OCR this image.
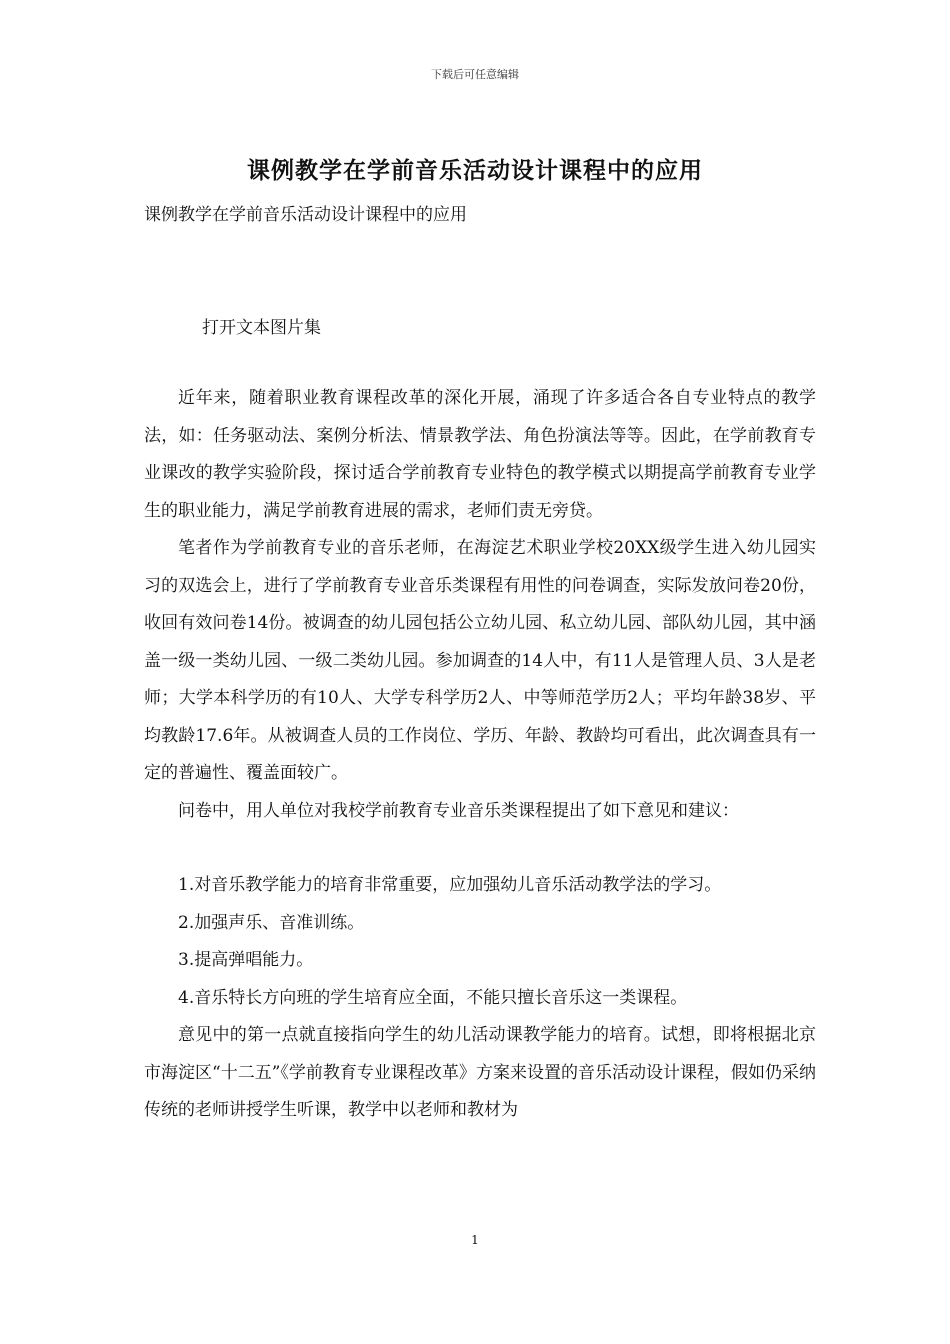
下载后可任意编辑
课例教学在学前音乐活动设计课程中的应用
课例教学在学前音乐活动设计课程中的应用
打开文本图片集

近年来，随着职业教育课程改革的深化开展，涌现了许多适合各自专业特点的教学法，如：任务驱动法、案例分析法、情景教学法、角色扮演法等等。因此，在学前教育专业课改的教学实验阶段，探讨适合学前教育专业特色的教学模式以期提高学前教育专业学生的职业能力，满足学前教育进展的需求，老师们责无旁贷。

笔者作为学前教育专业的音乐老师，在海淀艺术职业学校20XX级学生进入幼儿园实习的双选会上，进行了学前教育专业音乐类课程有用性的问卷调查，实际发放问卷20份，收回有效问卷14份。被调查的幼儿园包括公立幼儿园、私立幼儿园、部队幼儿园，其中涵盖一级一类幼儿园、一级二类幼儿园。参加调查的14人中，有11人是管理人员、3人是老师；大学本科学历的有10人、大学专科学历2人、中等师范学历2人；平均年龄38岁、平均教龄17.6年。从被调查人员的工作岗位、学历、年龄、教龄均可看出，此次调查具有一定的普遍性、覆盖面较广。

问卷中，用人单位对我校学前教育专业音乐类课程提出了如下意见和建议：

1.对音乐教学能力的培育非常重要，应加强幼儿音乐活动教学法的学习。
2.加强声乐、音准训练。
3.提高弹唱能力。
4.音乐特长方向班的学生培育应全面，不能只擅长音乐这一类课程。

意见中的第一点就直接指向学生的幼儿活动课教学能力的培育。试想，即将根据北京市海淀区“十二五”《学前教育专业课程改革》方案来设置的音乐活动设计课程，假如仍采纳传统的老师讲授学生听课，教学中以老师和教材为

1
